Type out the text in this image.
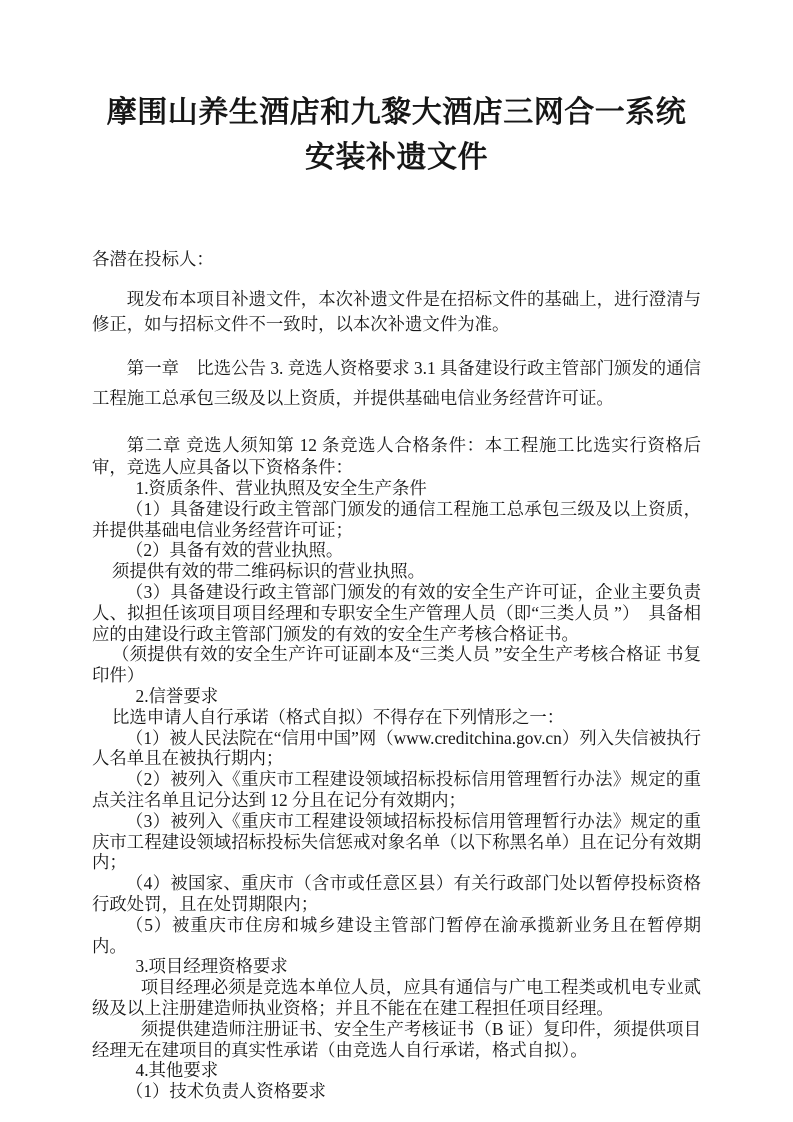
摩围山养生酒店和九黎大酒店三网合一系统
安装补遗文件

各潜在投标人：

现发布本项目补遗文件，本次补遗文件是在招标文件的基础上，进行澄清与修正，如与招标文件不一致时，以本次补遗文件为准。

第一章　比选公告 3. 竞选人资格要求 3.1 具备建设行政主管部门颁发的通信工程施工总承包三级及以上资质，并提供基础电信业务经营许可证。

第二章 竞选人须知第 12 条竞选人合格条件：本工程施工比选实行资格后审，竞选人应具备以下资格条件：

1.资质条件、营业执照及安全生产条件

（1）具备建设行政主管部门颁发的通信工程施工总承包三级及以上资质，并提供基础电信业务经营许可证；

（2）具备有效的营业执照。

须提供有效的带二维码标识的营业执照。

（3）具备建设行政主管部门颁发的有效的安全生产许可证，企业主要负责人、拟担任该项目项目经理和专职安全生产管理人员（即“三类人员 ”）　具备相应的由建设行政主管部门颁发的有效的安全生产考核合格证书。

（须提供有效的安全生产许可证副本及“三类人员 ”安全生产考核合格证 书复印件）

2.信誉要求

比选申请人自行承诺（格式自拟）不得存在下列情形之一：

（1）被人民法院在“信用中国”网（www.creditchina.gov.cn）列入失信被执行人名单且在被执行期内；

（2）被列入《重庆市工程建设领域招标投标信用管理暂行办法》规定的重点关注名单且记分达到 12 分且在记分有效期内；

（3）被列入《重庆市工程建设领域招标投标信用管理暂行办法》规定的重庆市工程建设领域招标投标失信惩戒对象名单（以下称黑名单）且在记分有效期内；

（4）被国家、重庆市（含市或任意区县）有关行政部门处以暂停投标资格行政处罚，且在处罚期限内；

（5）被重庆市住房和城乡建设主管部门暂停在渝承揽新业务且在暂停期内。

3.项目经理资格要求

项目经理必须是竞选本单位人员，应具有通信与广电工程类或机电专业贰级及以上注册建造师执业资格；并且不能在在建工程担任项目经理。

须提供建造师注册证书、安全生产考核证书（B 证）复印件，须提供项目经理无在建项目的真实性承诺（由竞选人自行承诺，格式自拟）。

4.其他要求

（1）技术负责人资格要求
